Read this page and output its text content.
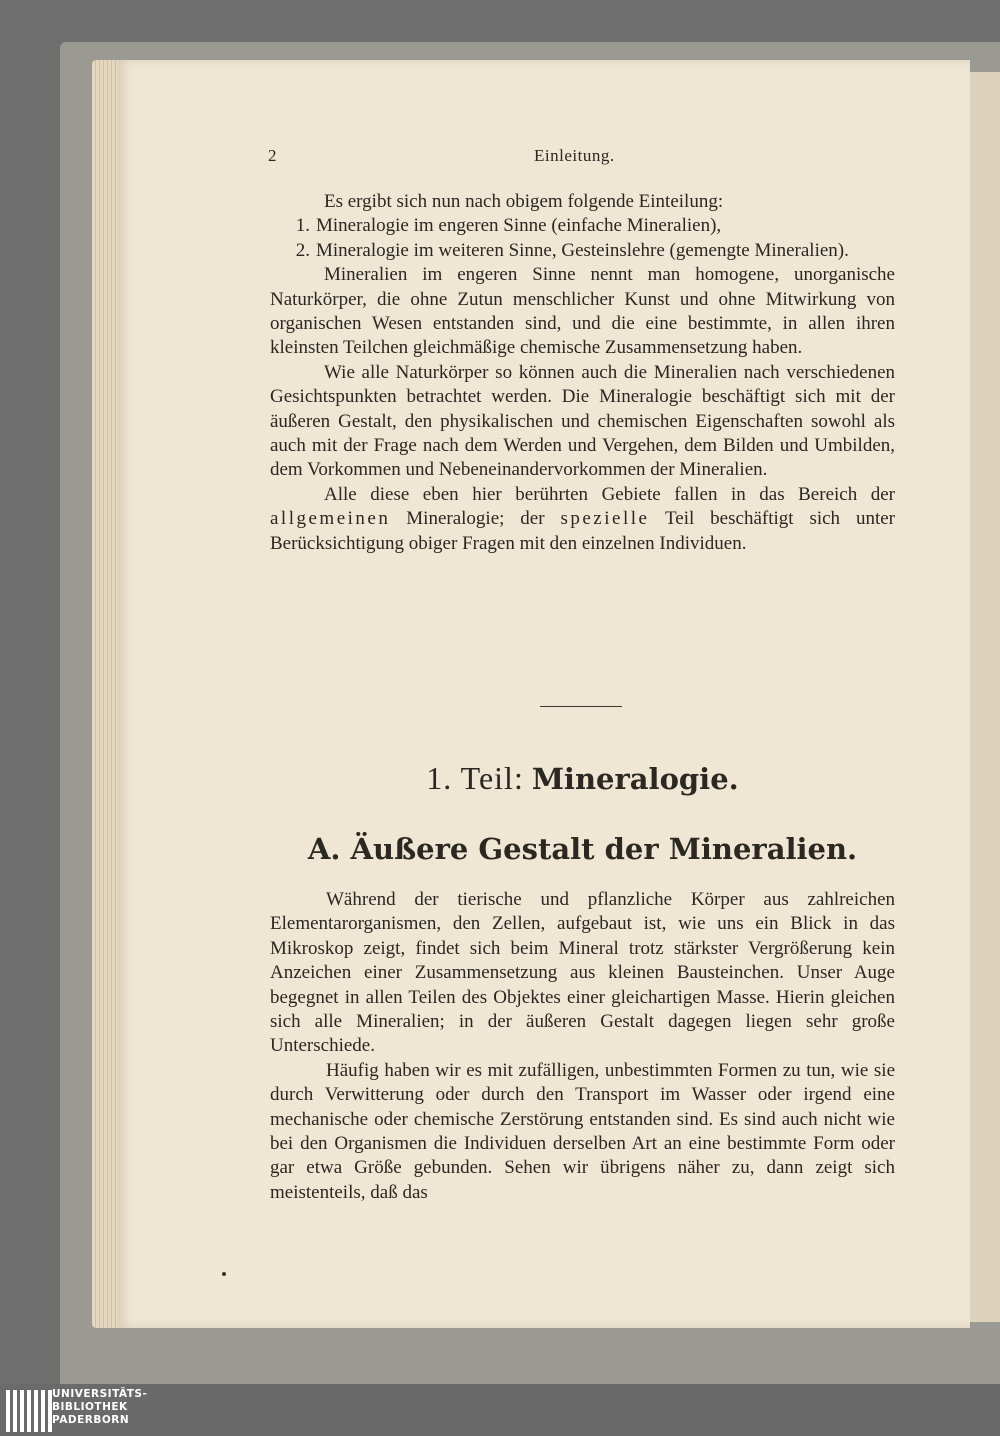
2	Einleitung.

Es ergibt sich nun nach obigem folgende Einteilung:

1. Mineralogie im engeren Sinne (einfache Mineralien),
2. Mineralogie im weiteren Sinne, Gesteinslehre (gemengte Mineralien).

Mineralien im engeren Sinne nennt man homogene, unorganische Naturkörper, die ohne Zutun menschlicher Kunst und ohne Mitwirkung von organischen Wesen entstanden sind, und die eine bestimmte, in allen ihren kleinsten Teilchen gleichmäßige chemische Zusammensetzung haben.

Wie alle Naturkörper so können auch die Mineralien nach verschiedenen Gesichtspunkten betrachtet werden. Die Mineralogie beschäftigt sich mit der äußeren Gestalt, den physikalischen und chemischen Eigenschaften sowohl als auch mit der Frage nach dem Werden und Vergehen, dem Bilden und Umbilden, dem Vorkommen und Nebeneinandervorkommen der Mineralien.

Alle diese eben hier berührten Gebiete fallen in das Bereich der allgemeinen Mineralogie; der spezielle Teil beschäftigt sich unter Berücksichtigung obiger Fragen mit den einzelnen Individuen.

1. Teil: Mineralogie.
A. Äußere Gestalt der Mineralien.

Während der tierische und pflanzliche Körper aus zahlreichen Elementarorganismen, den Zellen, aufgebaut ist, wie uns ein Blick in das Mikroskop zeigt, findet sich beim Mineral trotz stärkster Vergrößerung kein Anzeichen einer Zusammensetzung aus kleinen Bausteinchen. Unser Auge begegnet in allen Teilen des Objektes einer gleichartigen Masse. Hierin gleichen sich alle Mineralien; in der äußeren Gestalt dagegen liegen sehr große Unterschiede.

Häufig haben wir es mit zufälligen, unbestimmten Formen zu tun, wie sie durch Verwitterung oder durch den Transport im Wasser oder irgend eine mechanische oder chemische Zerstörung entstanden sind. Es sind auch nicht wie bei den Organismen die Individuen derselben Art an eine bestimmte Form oder gar etwa Größe gebunden. Sehen wir übrigens näher zu, dann zeigt sich meistenteils, daß das

UNIVERSITÄTS-
BIBLIOTHEK
PADERBORN
